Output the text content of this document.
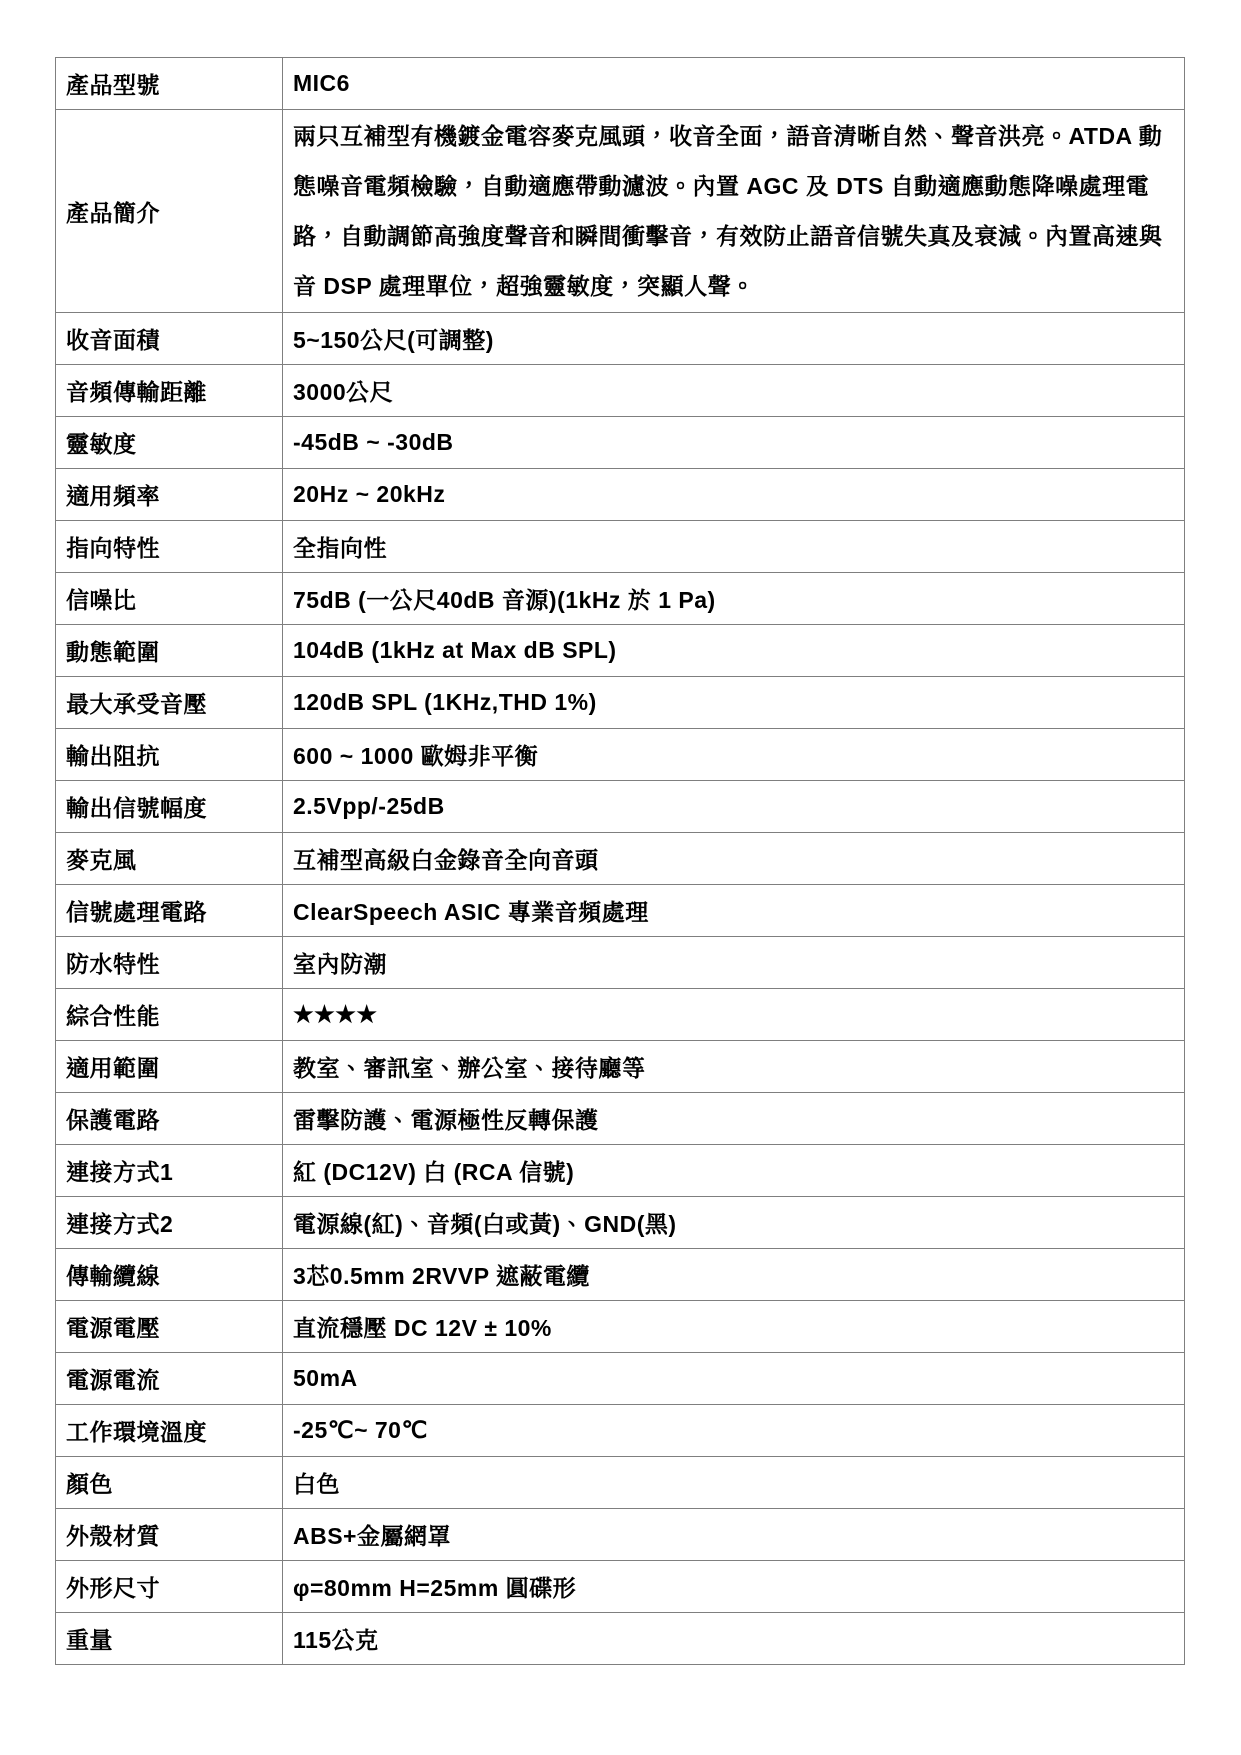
產品型號	MIC6
產品簡介	兩只互補型有機鍍金電容麥克風頭，收音全面，語音清晰自然、聲音洪亮。ATDA 動態噪音電頻檢驗，自動適應帶動濾波。內置 AGC 及 DTS 自動適應動態降噪處理電路，自動調節高強度聲音和瞬間衝擊音，有效防止語音信號失真及衰減。內置高速與音 DSP 處理單位，超強靈敏度，突顯人聲。
收音面積	5~150公尺(可調整)
音頻傳輸距離	3000公尺
靈敏度	-45dB ~ -30dB
適用頻率	20Hz ~ 20kHz
指向特性	全指向性
信噪比	75dB (一公尺40dB 音源)(1kHz 於 1 Pa)
動態範圍	104dB (1kHz at Max dB SPL)
最大承受音壓	120dB SPL (1KHz,THD 1%)
輸出阻抗	600 ~ 1000 歐姆非平衡
輸出信號幅度	2.5Vpp/-25dB
麥克風	互補型高級白金錄音全向音頭
信號處理電路	ClearSpeech ASIC 專業音頻處理
防水特性	室內防潮
綜合性能	★★★★
適用範圍	教室、審訊室、辦公室、接待廳等
保護電路	雷擊防護、電源極性反轉保護
連接方式1	紅 (DC12V) 白 (RCA 信號)
連接方式2	電源線(紅)、音頻(白或黃)、GND(黑)
傳輸纜線	3芯0.5mm 2RVVP 遮蔽電纜
電源電壓	直流穩壓 DC 12V ± 10%
電源電流	50mA
工作環境溫度	-25℃~ 70℃
顏色	白色
外殼材質	ABS+金屬網罩
外形尺寸	φ=80mm H=25mm 圓碟形
重量	115公克
